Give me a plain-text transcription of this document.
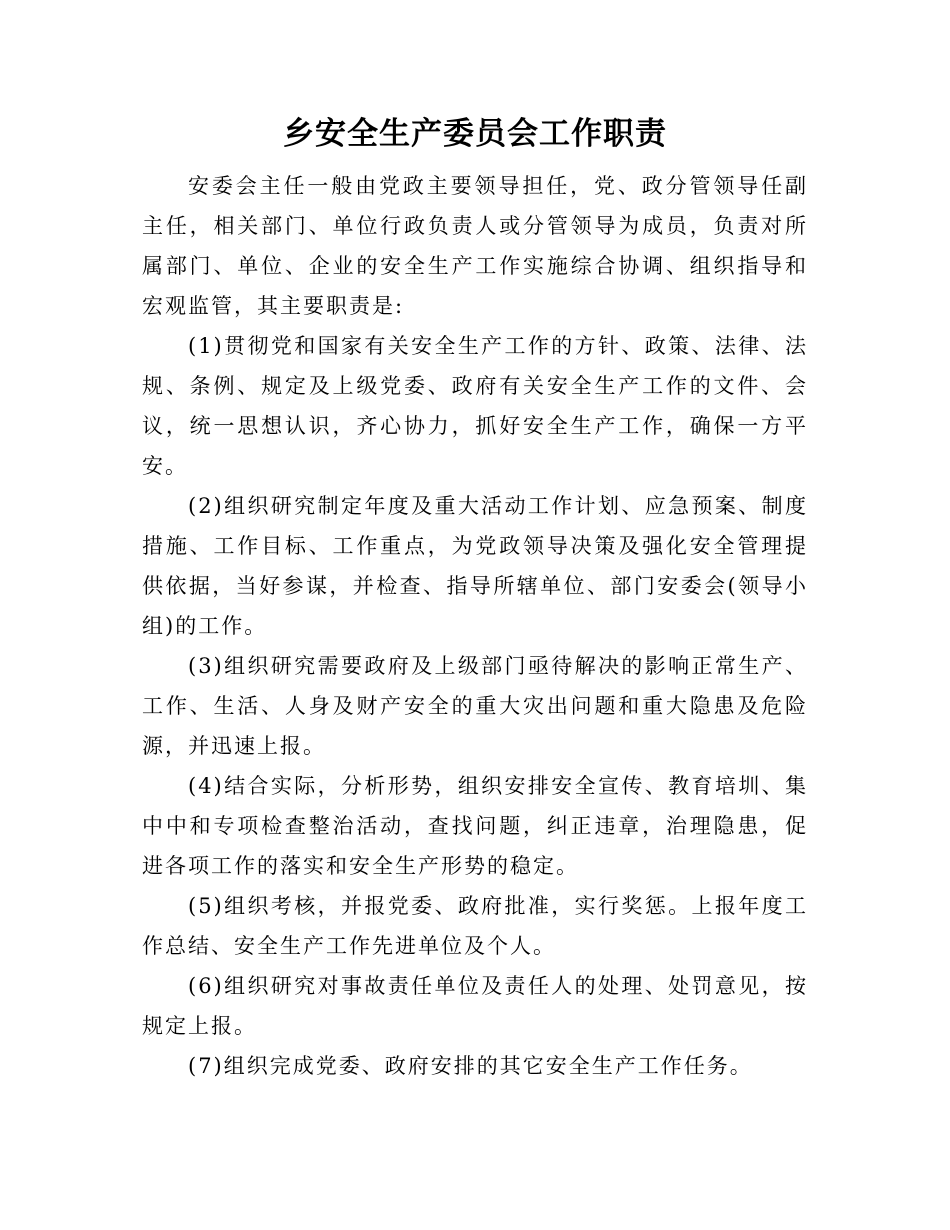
乡安全生产委员会工作职责

安委会主任一般由党政主要领导担任，党、政分管领导任副主任，相关部门、单位行政负责人或分管领导为成员，负责对所属部门、单位、企业的安全生产工作实施综合协调、组织指导和宏观监管，其主要职责是:

(1)贯彻党和国家有关安全生产工作的方针、政策、法律、法规、条例、规定及上级党委、政府有关安全生产工作的文件、会议，统一思想认识，齐心协力，抓好安全生产工作，确保一方平安。

(2)组织研究制定年度及重大活动工作计划、应急预案、制度措施、工作目标、工作重点，为党政领导决策及强化安全管理提供依据，当好参谋，并检查、指导所辖单位、部门安委会(领导小组)的工作。

(3)组织研究需要政府及上级部门亟待解决的影响正常生产、工作、生活、人身及财产安全的重大灾出问题和重大隐患及危险源，并迅速上报。

(4)结合实际，分析形势，组织安排安全宣传、教育培圳、集中中和专项检查整治活动，查找问题，纠正违章，治理隐患，促进各项工作的落实和安全生产形势的稳定。

(5)组织考核，并报党委、政府批准，实行奖惩。上报年度工作总结、安全生产工作先进单位及个人。

(6)组织研究对事故责任单位及责任人的处理、处罚意见，按规定上报。

(7)组织完成党委、政府安排的其它安全生产工作任务。
